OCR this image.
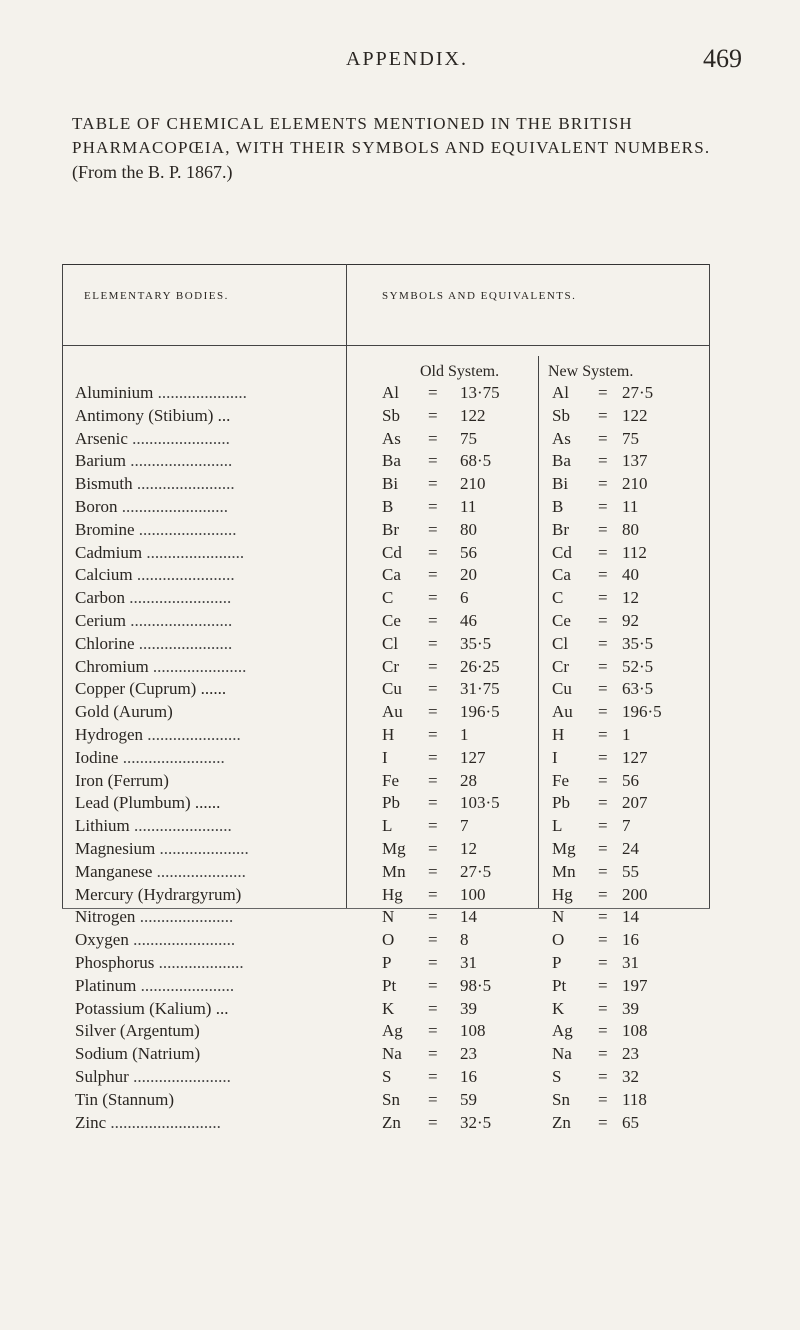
APPENDIX.	469
TABLE OF CHEMICAL ELEMENTS MENTIONED IN THE BRITISH PHARMACOPŒIA, WITH THEIR SYMBOLS AND EQUIVALENT NUMBERS. (From the B. P. 1867.)
ELEMENTARY BODIES.	SYMBOLS AND EQUIVALENTS.
Old System.	New System.
Aluminium .....................	Al	= 13·75	Al	= 27·5
Antimony (Stibium) ...	Sb	= 122	Sb	= 122
Arsenic .......................	As	= 75	As	= 75
Barium ........................	Ba	= 68·5	Ba	= 137
Bismuth .......................	Bi	= 210	Bi	= 210
Boron .........................	B	= 11	B	= 11
Bromine .......................	Br	= 80	Br	= 80
Cadmium .......................	Cd	= 56	Cd	= 112
Calcium .......................	Ca	= 20	Ca	= 40
Carbon ........................	C	= 6	C	= 12
Cerium ........................	Ce	= 46	Ce	= 92
Chlorine ......................	Cl	= 35·5	Cl	= 35·5
Chromium ......................	Cr	= 26·25	Cr	= 52·5
Copper (Cuprum) ......	Cu	= 31·75	Cu	= 63·5
Gold (Aurum)	Au	= 196·5	Au	= 196·5
Hydrogen ......................	H	= 1	H	= 1
Iodine ........................	I	= 127	I	= 127
Iron (Ferrum)	Fe	= 28	Fe	= 56
Lead (Plumbum) ......	Pb	= 103·5	Pb	= 207
Lithium .......................	L	= 7	L	= 7
Magnesium .....................	Mg	= 12	Mg	= 24
Manganese .....................	Mn	= 27·5	Mn	= 55
Mercury (Hydrargyrum)	Hg	= 100	Hg	= 200
Nitrogen ......................	N	= 14	N	= 14
Oxygen ........................	O	= 8	O	= 16
Phosphorus ....................	P	= 31	P	= 31
Platinum ......................	Pt	= 98·5	Pt	= 197
Potassium (Kalium) ...	K	= 39	K	= 39
Silver (Argentum)	Ag	= 108	Ag	= 108
Sodium (Natrium)	Na	= 23	Na	= 23
Sulphur .......................	S	= 16	S	= 32
Tin (Stannum)	Sn	= 59	Sn	= 118
Zinc ..........................	Zn	= 32·5	Zn	= 65
